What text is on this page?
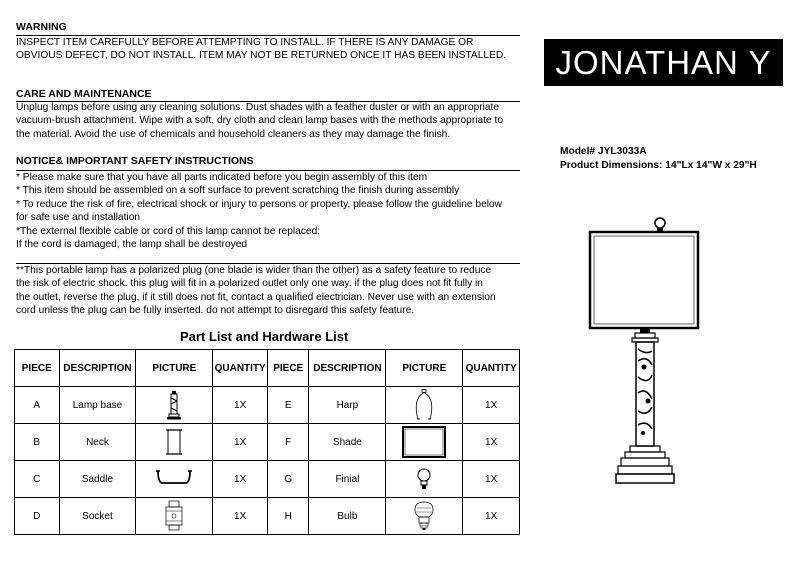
WARNING
INSPECT ITEM CAREFULLY BEFORE ATTEMPTING TO INSTALL. IF THERE IS ANY DAMAGE OR
OBVIOUS DEFECT, DO NOT INSTALL. ITEM MAY NOT BE RETURNED ONCE IT HAS BEEN INSTALLED.
CARE AND MAINTENANCE
Unplug lamps before using any cleaning solutions. Dust shades with a feather duster or with an appropriate
vacuum-brush attachment. Wipe with a soft, dry cloth and clean lamp bases with the methods appropriate to
the material. Avoid the use of chemicals and household cleaners as they may damage the finish.
NOTICE& IMPORTANT SAFETY INSTRUCTIONS
* Please make sure that you have all parts indicated before you begin assembly of this item
* This item should be assembled on a soft surface to prevent scratching the finish during assembly
* To reduce the risk of fire, electrical shock or injury to persons or property, please follow the guideline below
for safe use and installation
*The external flexible cable or cord of this lamp cannot be replaced;
If the cord is damaged, the lamp shall be destroyed
**This portable lamp has a polarized plug (one blade is wider than the other) as a safety feature to reduce
the risk of electric shock. this plug will fit in a polarized outlet only one way. if the plug does not fit fully in
the outlet, reverse the plug, if it still does not fit, contact a qualified electrician. Never use with an extension
cord unless the plug can be fully inserted. do not attempt to disregard this safety feature.
JONATHAN Y
Model# JYL3033A
Product Dimensions: 14"Lx 14"W x 29"H
Part List and Hardware List
PIECE	DESCRIPTION	PICTURE	QUANTITY	PIECE	DESCRIPTION	PICTURE	QUANTITY
A	Lamp base		1X	E	Harp		1X
B	Neck		1X	F	Shade		1X
C	Saddle		1X	G	Finial		1X
D	Socket		1X	H	Bulb		1X
